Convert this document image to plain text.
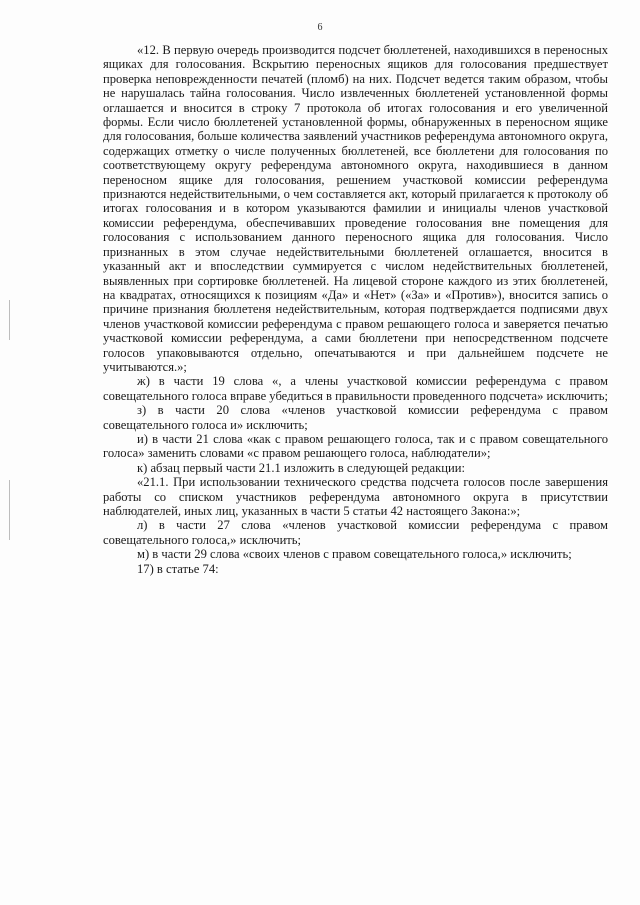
6

«12. В первую очередь производится подсчет бюллетеней, находившихся в переносных ящиках для голосования. Вскрытию переносных ящиков для голосования предшествует проверка неповрежденности печатей (пломб) на них. Подсчет ведется таким образом, чтобы не нарушалась тайна голосования. Число извлеченных бюллетеней установленной формы оглашается и вносится в строку 7 протокола об итогах голосования и его увеличенной формы. Если число бюллетеней установленной формы, обнаруженных в переносном ящике для голосования, больше количества заявлений участников референдума автономного округа, содержащих отметку о числе полученных бюллетеней, все бюллетени для голосования по соответствующему округу референдума автономного округа, находившиеся в данном переносном ящике для голосования, решением участковой комиссии референдума признаются недействительными, о чем составляется акт, который прилагается к протоколу об итогах голосования и в котором указываются фамилии и инициалы членов участковой комиссии референдума, обеспечивавших проведение голосования вне помещения для голосования с использованием данного переносного ящика для голосования. Число признанных в этом случае недействительными бюллетеней оглашается, вносится в указанный акт и впоследствии суммируется с числом недействительных бюллетеней, выявленных при сортировке бюллетеней. На лицевой стороне каждого из этих бюллетеней, на квадратах, относящихся к позициям «Да» и «Нет» («За» и «Против»), вносится запись о причине признания бюллетеня недействительным, которая подтверждается подписями двух членов участковой комиссии референдума с правом решающего голоса и заверяется печатью участковой комиссии референдума, а сами бюллетени при непосредственном подсчете голосов упаковываются отдельно, опечатываются и при дальнейшем подсчете не учитываются.»;

ж) в части 19 слова «, а члены участковой комиссии референдума с правом совещательного голоса вправе убедиться в правильности проведенного подсчета» исключить;

з) в части 20 слова «членов участковой комиссии референдума с правом совещательного голоса и» исключить;

и) в части 21 слова «как с правом решающего голоса, так и с правом совещательного голоса» заменить словами «с правом решающего голоса, наблюдатели»;

к) абзац первый части 21.1 изложить в следующей редакции:

«21.1. При использовании технического средства подсчета голосов после завершения работы со списком участников референдума автономного округа в присутствии наблюдателей, иных лиц, указанных в части 5 статьи 42 настоящего Закона:»;

л) в части 27 слова «членов участковой комиссии референдума с правом совещательного голоса,» исключить;

м) в части 29 слова «своих членов с правом совещательного голоса,» исключить;

17) в статье 74:
